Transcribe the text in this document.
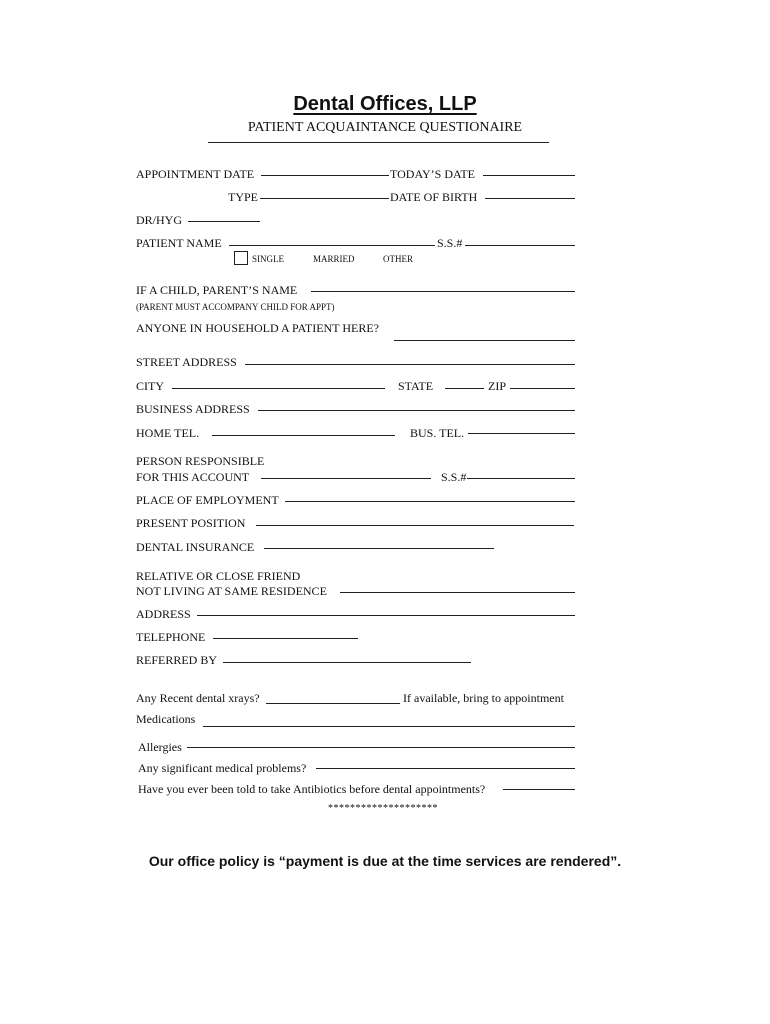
Dental Offices, LLP
PATIENT ACQUAINTANCE QUESTIONAIRE
APPOINTMENT DATE	TODAY’S DATE
TYPE	DATE OF BIRTH
DR/HYG
PATIENT NAME	S.S.#
SINGLE	MARRIED	OTHER
IF A CHILD, PARENT’S NAME
(PARENT MUST ACCOMPANY CHILD FOR APPT)
ANYONE IN HOUSEHOLD A PATIENT HERE?
STREET ADDRESS
CITY	STATE	ZIP
BUSINESS ADDRESS
HOME TEL.	BUS. TEL.
PERSON RESPONSIBLE
FOR THIS ACCOUNT	S.S.#
PLACE OF EMPLOYMENT
PRESENT POSITION
DENTAL INSURANCE
RELATIVE OR CLOSE FRIEND
NOT LIVING AT SAME RESIDENCE
ADDRESS
TELEPHONE
REFERRED BY
Any Recent dental xrays?	If available, bring to appointment
Medications
Allergies
Any significant medical problems?
Have you ever been told to take Antibiotics before dental appointments?
********************
Our office policy is “payment is due at the time services are rendered”.
